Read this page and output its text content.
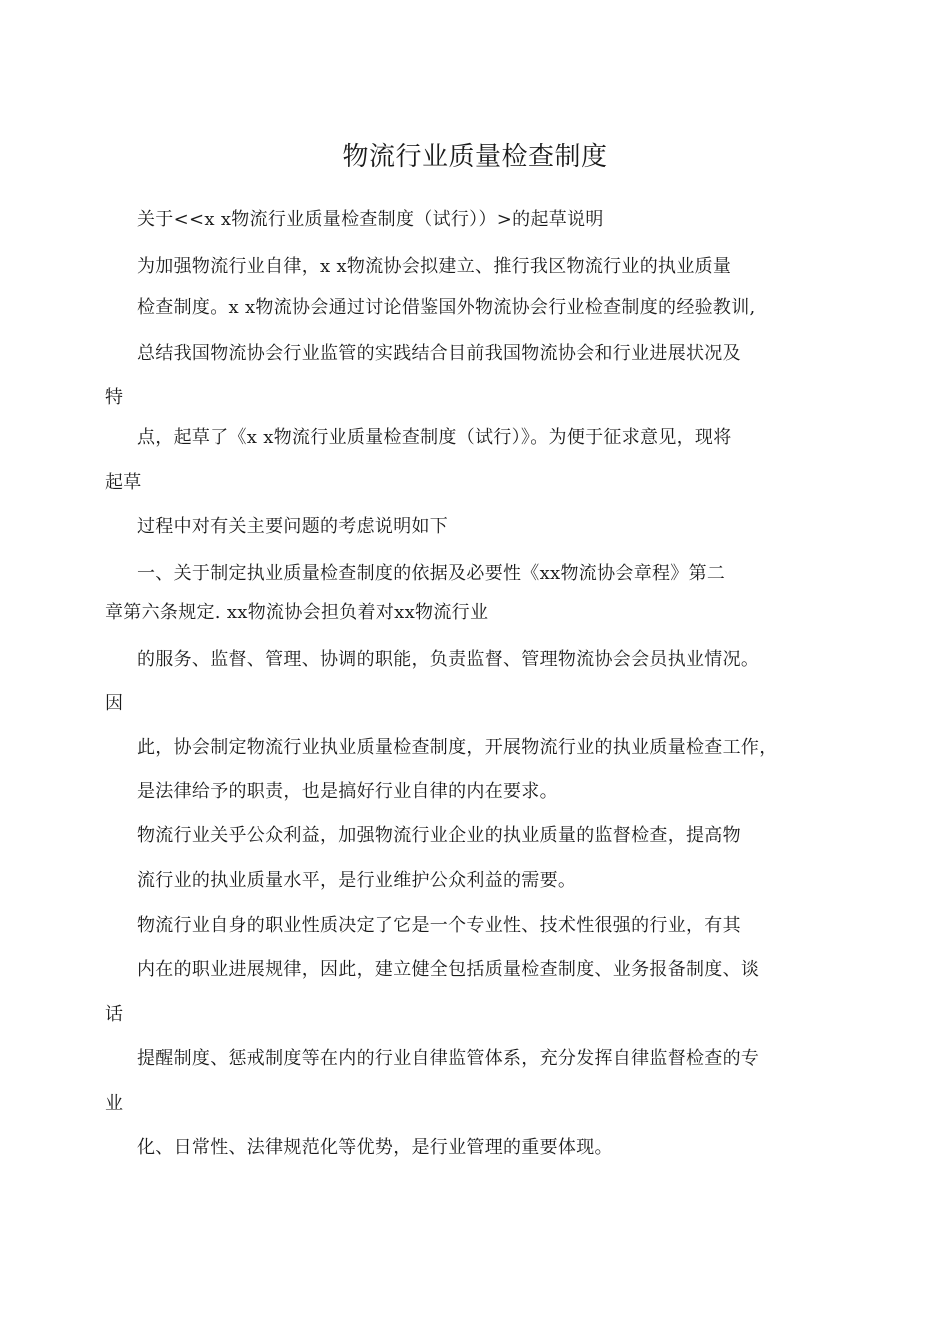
物流行业质量检查制度
关于<<x x物流行业质量检查制度（试行））>的起草说明
为加强物流行业自律，x x物流协会拟建立、推行我区物流行业的执业质量
检查制度。x x物流协会通过讨论借鉴国外物流协会行业检查制度的经验教训,
总结我国物流协会行业监管的实践结合目前我国物流协会和行业进展状况及
特
点，起草了《x x物流行业质量检查制度（试行）》。为便于征求意见，现将
起草
过程中对有关主要问题的考虑说明如下
一、关于制定执业质量检查制度的依据及必要性《xx物流协会章程》第二
章第六条规定. xx物流协会担负着对xx物流行业
的服务、监督、管理、协调的职能，负责监督、管理物流协会会员执业情况。
因
此，协会制定物流行业执业质量检查制度，开展物流行业的执业质量检查工作，
是法律给予的职责，也是搞好行业自律的内在要求。
物流行业关乎公众利益，加强物流行业企业的执业质量的监督检查，提高物
流行业的执业质量水平，是行业维护公众利益的需要。
物流行业自身的职业性质决定了它是一个专业性、技术性很强的行业，有其
内在的职业进展规律，因此，建立健全包括质量检查制度、业务报备制度、谈
话
提醒制度、惩戒制度等在内的行业自律监管体系，充分发挥自律监督检查的专
业
化、日常性、法律规范化等优势，是行业管理的重要体现。
